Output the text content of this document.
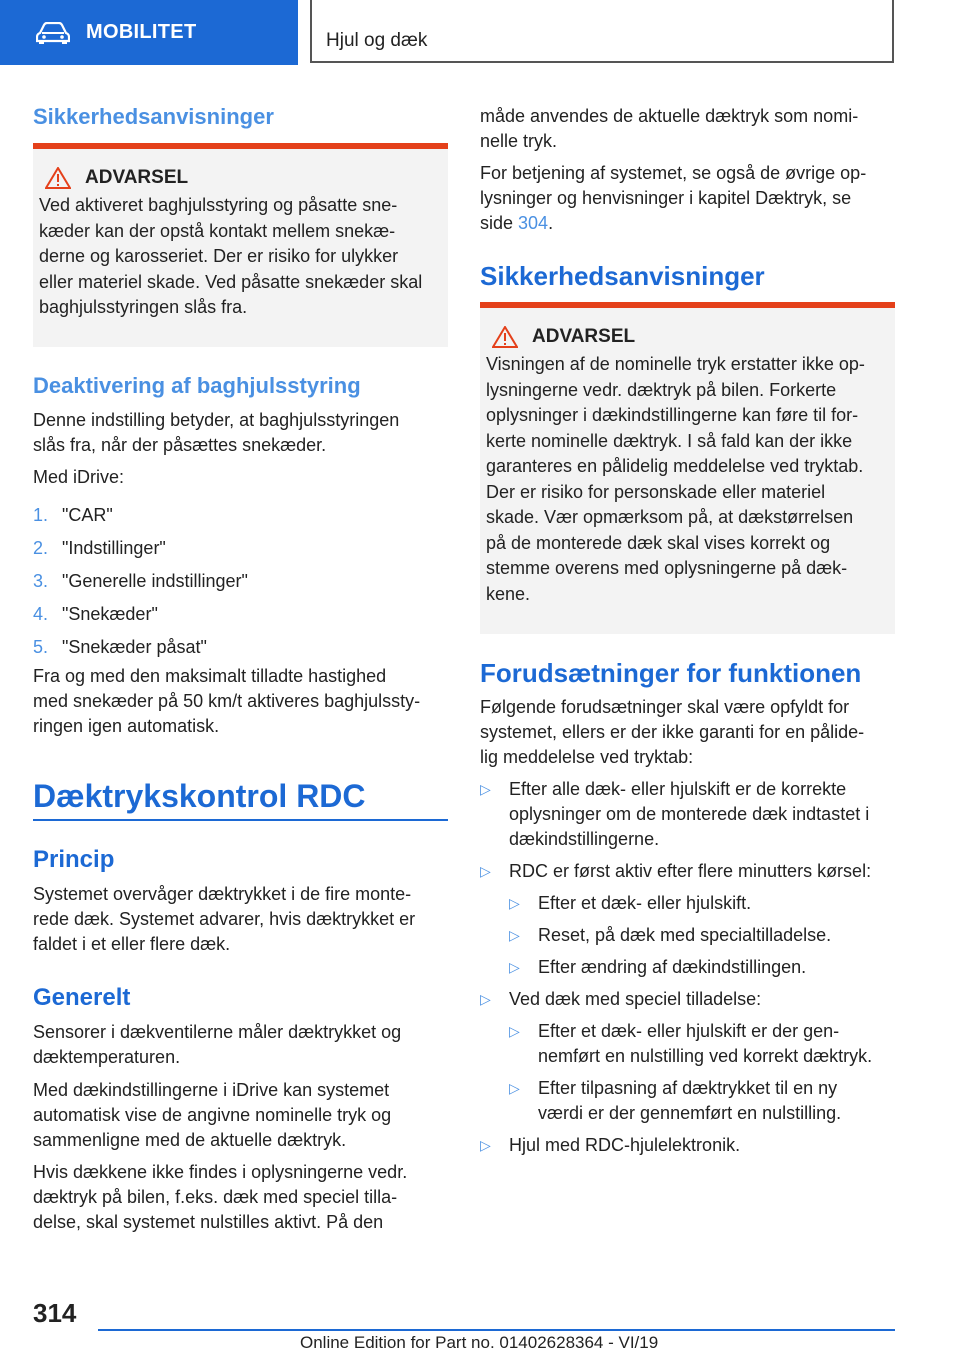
MOBILITET	Hjul og dæk
Sikkerhedsanvisninger
ADVARSEL

Ved aktiveret baghjulsstyring og påsatte sne-
kæder kan der opstå kontakt mellem snekæ-
derne og karosseriet. Der er risiko for ulykker
eller materiel skade. Ved påsatte snekæder skal
baghjulsstyringen slås fra.

Deaktivering af baghjulsstyring

Denne indstilling betyder, at baghjulsstyringen
slås fra, når der påsættes snekæder.

Med iDrive:

1. "CAR"
2. "Indstillinger"
3. "Generelle indstillinger"
4. "Snekæder"
5. "Snekæder påsat"

Fra og med den maksimalt tilladte hastighed
med snekæder på 50 km/t aktiveres baghjulssty-
ringen igen automatisk.

Dæktrykskontrol RDC
Princip

Systemet overvåger dæktrykket i de fire monte-
rede dæk. Systemet advarer, hvis dæktrykket er
faldet i et eller flere dæk.

Generelt

Sensorer i dækventilerne måler dæktrykket og
dæktemperaturen.

Med dækindstillingerne i iDrive kan systemet
automatisk vise de angivne nominelle tryk og
sammenligne med de aktuelle dæktryk.

Hvis dækkene ikke findes i oplysningerne vedr.
dæktryk på bilen, f.eks. dæk med speciel tilla-
delse, skal systemet nulstilles aktivt. På den

måde anvendes de aktuelle dæktryk som nomi-
nelle tryk.

For betjening af systemet, se også de øvrige op-
lysninger og henvisninger i kapitel Dæktryk, se
side 304.

Sikkerhedsanvisninger
ADVARSEL

Visningen af de nominelle tryk erstatter ikke op-
lysningerne vedr. dæktryk på bilen. Forkerte
oplysninger i dækindstillingerne kan føre til for-
kerte nominelle dæktryk. I så fald kan der ikke
garanteres en pålidelig meddelelse ved tryktab.
Der er risiko for personskade eller materiel
skade. Vær opmærksom på, at dækstørrelsen
på de monterede dæk skal vises korrekt og
stemme overens med oplysningerne på dæk-
kene.

Forudsætninger for funktionen

Følgende forudsætninger skal være opfyldt for
systemet, ellers er der ikke garanti for en pålide-
lig meddelelse ved tryktab:

▷	Efter alle dæk- eller hjulskift er de korrekte
oplysninger om de monterede dæk indtastet i
dækindstillingerne.
▷	RDC er først aktiv efter flere minutters kørsel:
▷	Efter et dæk- eller hjulskift.
▷	Reset, på dæk med specialtilladelse.
▷	Efter ændring af dækindstillingen.
▷	Ved dæk med speciel tilladelse:
▷	Efter et dæk- eller hjulskift er der gen-
nemført en nulstilling ved korrekt dæktryk.
▷	Efter tilpasning af dæktrykket til en ny
værdi er der gennemført en nulstilling.
▷	Hjul med RDC-hjulelektronik.
314
Online Edition for Part no. 01402628364 - VI/19
